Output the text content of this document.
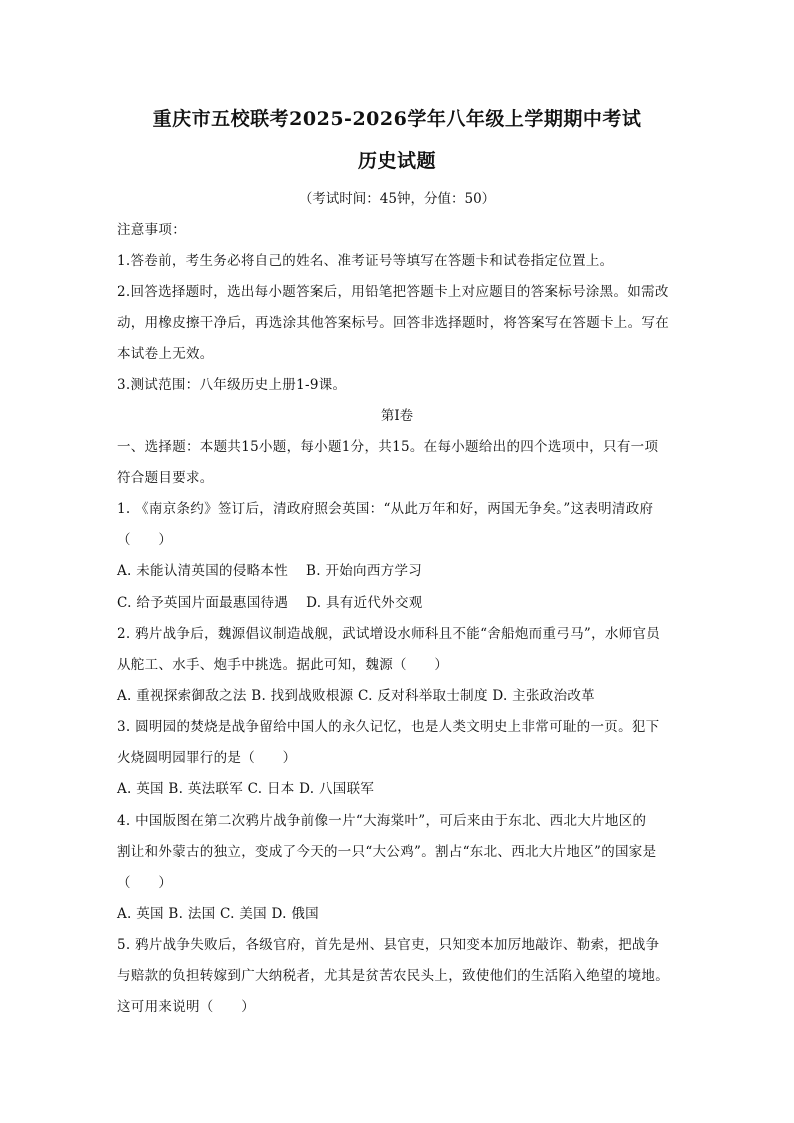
重庆市五校联考2025-2026学年八年级上学期期中考试
历史试题
（考试时间：45钟，分值：50）
注意事项：
1.答卷前，考生务必将自己的姓名、准考证号等填写在答题卡和试卷指定位置上。
2.回答选择题时，选出每小题答案后，用铅笔把答题卡上对应题目的答案标号涂黑。如需改
动，用橡皮擦干净后，再选涂其他答案标号。回答非选择题时，将答案写在答题卡上。写在
本试卷上无效。
3.测试范围：八年级历史上册1-9课。
第Ⅰ卷
一、选择题：本题共15小题，每小题1分，共15。在每小题给出的四个选项中，只有一项
符合题目要求。
1. 《南京条约》签订后，清政府照会英国：“从此万年和好，两国无争矣。”这表明清政府
（　　）
A. 未能认清英国的侵略本性 B. 开始向西方学习
C. 给予英国片面最惠国待遇 D. 具有近代外交观
2. 鸦片战争后，魏源倡议制造战舰，武试增设水师科且不能“舍船炮而重弓马”，水师官员
从舵工、水手、炮手中挑选。据此可知，魏源（　　）
A. 重视探索御敌之法 B. 找到战败根源 C. 反对科举取士制度 D. 主张政治改革
3. 圆明园的焚烧是战争留给中国人的永久记忆，也是人类文明史上非常可耻的一页。犯下
火烧圆明园罪行的是（　　）
A. 英国 B. 英法联军 C. 日本 D. 八国联军
4. 中国版图在第二次鸦片战争前像一片“大海棠叶”，可后来由于东北、西北大片地区的
割让和外蒙古的独立，变成了今天的一只“大公鸡”。割占“东北、西北大片地区”的国家是
（　　）
A. 英国 B. 法国 C. 美国 D. 俄国
5. 鸦片战争失败后，各级官府，首先是州、县官吏，只知变本加厉地敲诈、勒索，把战争
与赔款的负担转嫁到广大纳税者，尤其是贫苦农民头上，致使他们的生活陷入绝望的境地。
这可用来说明（　　）
